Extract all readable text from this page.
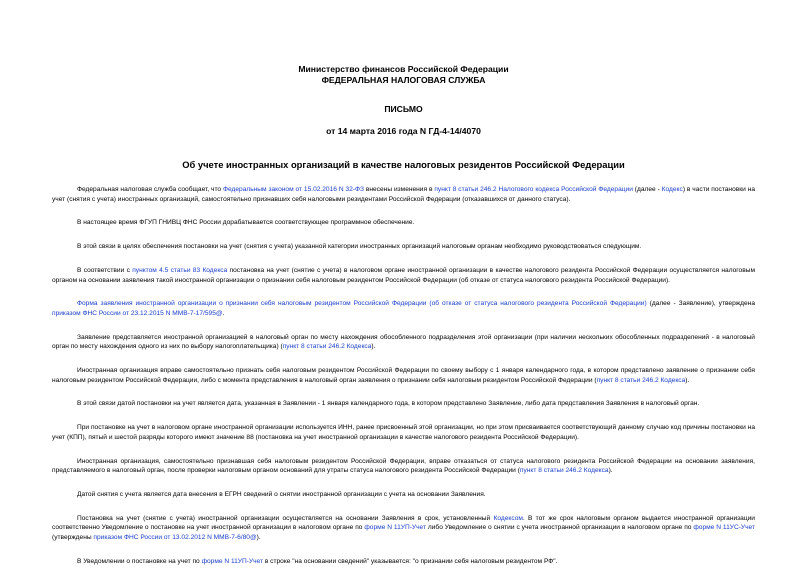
Министерство финансов Российской Федерации
ФЕДЕРАЛЬНАЯ НАЛОГОВАЯ СЛУЖБА
ПИСЬМО
от 14 марта 2016 года N ГД-4-14/4070
Об учете иностранных организаций в качестве налоговых резидентов Российской Федерации

Федеральная налоговая служба сообщает, что Федеральным законом от 15.02.2016 N 32-ФЗ внесены изменения в пункт 8 статьи 246.2 Налогового кодекса Российской Федерации (далее - Кодекс) в части постановки на учет (снятия с учета) иностранных организаций, самостоятельно признавших себя налоговыми резидентами Российской Федерации (отказавшихся от данного статуса).

В настоящее время ФГУП ГНИВЦ ФНС России дорабатывается соответствующее программное обеспечение.

В этой связи в целях обеспечения постановки на учет (снятия с учета) указанной категории иностранных организаций налоговым органам необходимо руководствоваться следующим.

В соответствии с пунктом 4.5 статьи 83 Кодекса постановка на учет (снятие с учета) в налоговом органе иностранной организации в качестве налогового резидента Российской Федерации осуществляется налоговым органом на основании заявления такой иностранной организации о признании себя налоговым резидентом Российской Федерации (об отказе от статуса налогового резидента Российской Федерации).

Форма заявления иностранной организации о признании себя налоговым резидентом Российской Федерации (об отказе от статуса налогового резидента Российской Федерации) (далее - Заявление), утверждена приказом ФНС России от 23.12.2015 N ММВ-7-17/595@.

Заявление представляется иностранной организацией в налоговый орган по месту нахождения обособленного подразделения этой организации (при наличии нескольких обособленных подразделений - в налоговый орган по месту нахождения одного из них по выбору налогоплательщика) (пункт 8 статьи 246.2 Кодекса).

Иностранная организация вправе самостоятельно признать себя налоговым резидентом Российской Федерации по своему выбору с 1 января календарного года, в котором представлено заявление о признании себя налоговым резидентом Российской Федерации, либо с момента представления в налоговый орган заявления о признании себя налоговым резидентом Российской Федерации (пункт 8 статьи 246.2 Кодекса).

В этой связи датой постановки на учет является дата, указанная в Заявлении - 1 января календарного года, в котором представлено Заявление, либо дата представления Заявления в налоговый орган.

При постановке на учет в налоговом органе иностранной организации используется ИНН, ранее присвоенный этой организации, но при этом присваивается соответствующий данному случаю код причины постановки на учет (КПП), пятый и шестой разряды которого имеют значение 88 (постановка на учет иностранной организации в качестве налогового резидента Российской Федерации).

Иностранная организация, самостоятельно признавшая себя налоговым резидентом Российской Федерации, вправе отказаться от статуса налогового резидента Российской Федерации на основании заявления, представляемого в налоговый орган, после проверки налоговым органом оснований для утраты статуса налогового резидента Российской Федерации (пункт 8 статьи 246.2 Кодекса).

Датой снятия с учета является дата внесения в ЕГРН сведений о снятии иностранной организации с учета на основании Заявления.

Постановка на учет (снятие с учета) иностранной организации осуществляется на основании Заявления в срок, установленный Кодексом. В тот же срок налоговым органом выдается иностранной организации соответственно Уведомление о постановке на учет иностранной организации в налоговом органе по форме N 11УП-Учет либо Уведомление о снятии с учета иностранной организации в налоговом органе по форме N 11УС-Учет (утверждены приказом ФНС России от 13.02.2012 N ММВ-7-6/80@).

В Уведомлении о постановке на учет по форме N 11УП-Учет в строке "на основании сведений" указывается: "о признании себя налоговым резидентом РФ".
